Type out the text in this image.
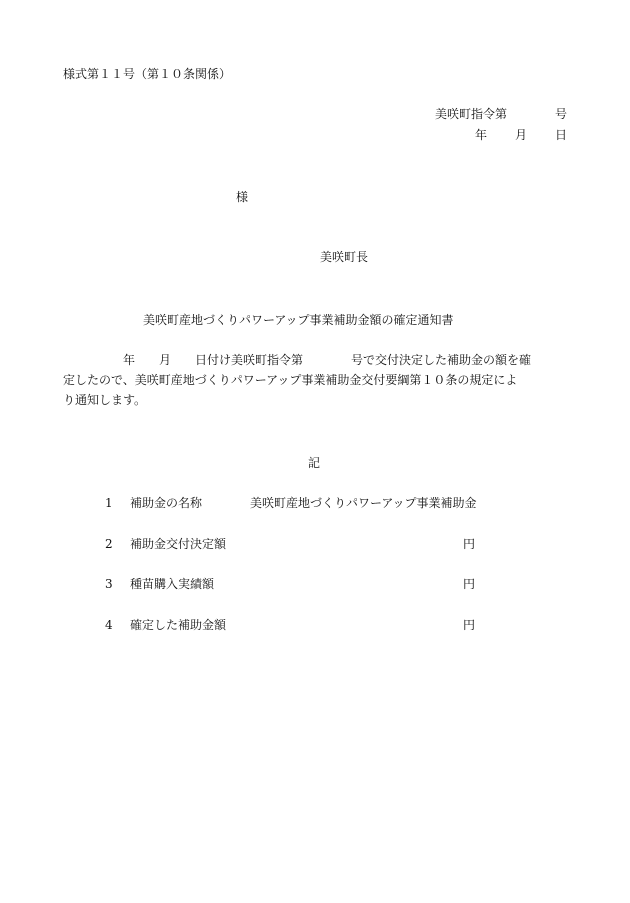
様式第１１号（第１０条関係）
美咲町指令第　　　　号
年 月 日
様
美咲町長
美咲町産地づくりパワーアップ事業補助金額の確定通知書
　　　　　年　　月　　日付け美咲町指令第　　　　号で交付決定した補助金の額を確
定したので、美咲町産地づくりパワーアップ事業補助金交付要綱第１０条の規定によ
り通知します。
記
1 補助金の名称	美咲町産地づくりパワーアップ事業補助金
2 補助金交付決定額	円
3 種苗購入実績額	円
4 確定した補助金額	円
